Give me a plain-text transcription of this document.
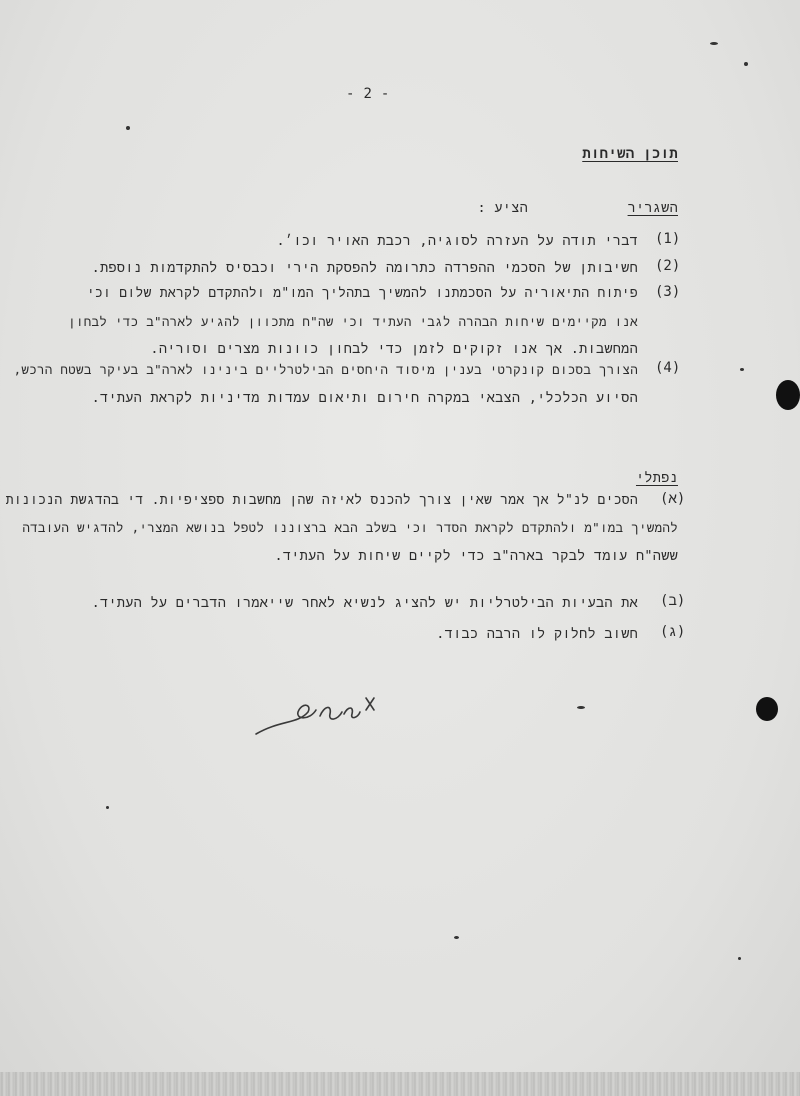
- 2 -
תוכן השיחות
השגריר
הציע :
(1)
דברי תודה על העזרה לסוגיה, רכבת האויר וכו׳.
(2)
חשיבותן של הסכמי ההפרדה כתרומה להפסקת הירי וכבסיס להתקדמות נוספת.
(3)
פיתוח התיאוריה על הסכמתנו להמשיך בתהליך המו"מ ולהתקדם לקראת שלום וכי
אנו מקיימים שיחות הבהרה לגבי העתיד וכי שה"ח מתכוון להגיע לארה"ב כדי לבחון
המחשבות. אך אנו זקוקים לזמן כדי לבחון כוונות מצרים וסוריה.
(4)
הצורך בסכום קונקרטי בענין מיסוד היחסים הבילטרליים בינינו לארה"ב בעיקר בשטח הרכש,
הסיוע הכלכלי, הצבאי במקרה חירום ותיאום עמדות מדיניות לקראת העתיד.
נפתלי
(א)
הסכים לנ"ל אך אמר שאין צורך להכנס לאיזה שהן מחשבות ספציפיות. די בהדגשת הנכונות
להמשיך במו"מ ולהתקדם לקראת הסדר וכי בשלב הבא ברצוננו לטפל בנושא המצרי, להדגיש העובדה
ששה"ח עומד לבקר בארה"ב כדי לקיים שיחות על העתיד.
(ב)
את הבעיות הבילטרליות יש להציג לנשיא לאחר שייאמרו הדברים על העתיד.
(ג)
חשוב לחלוק לו הרבה כבוד.
